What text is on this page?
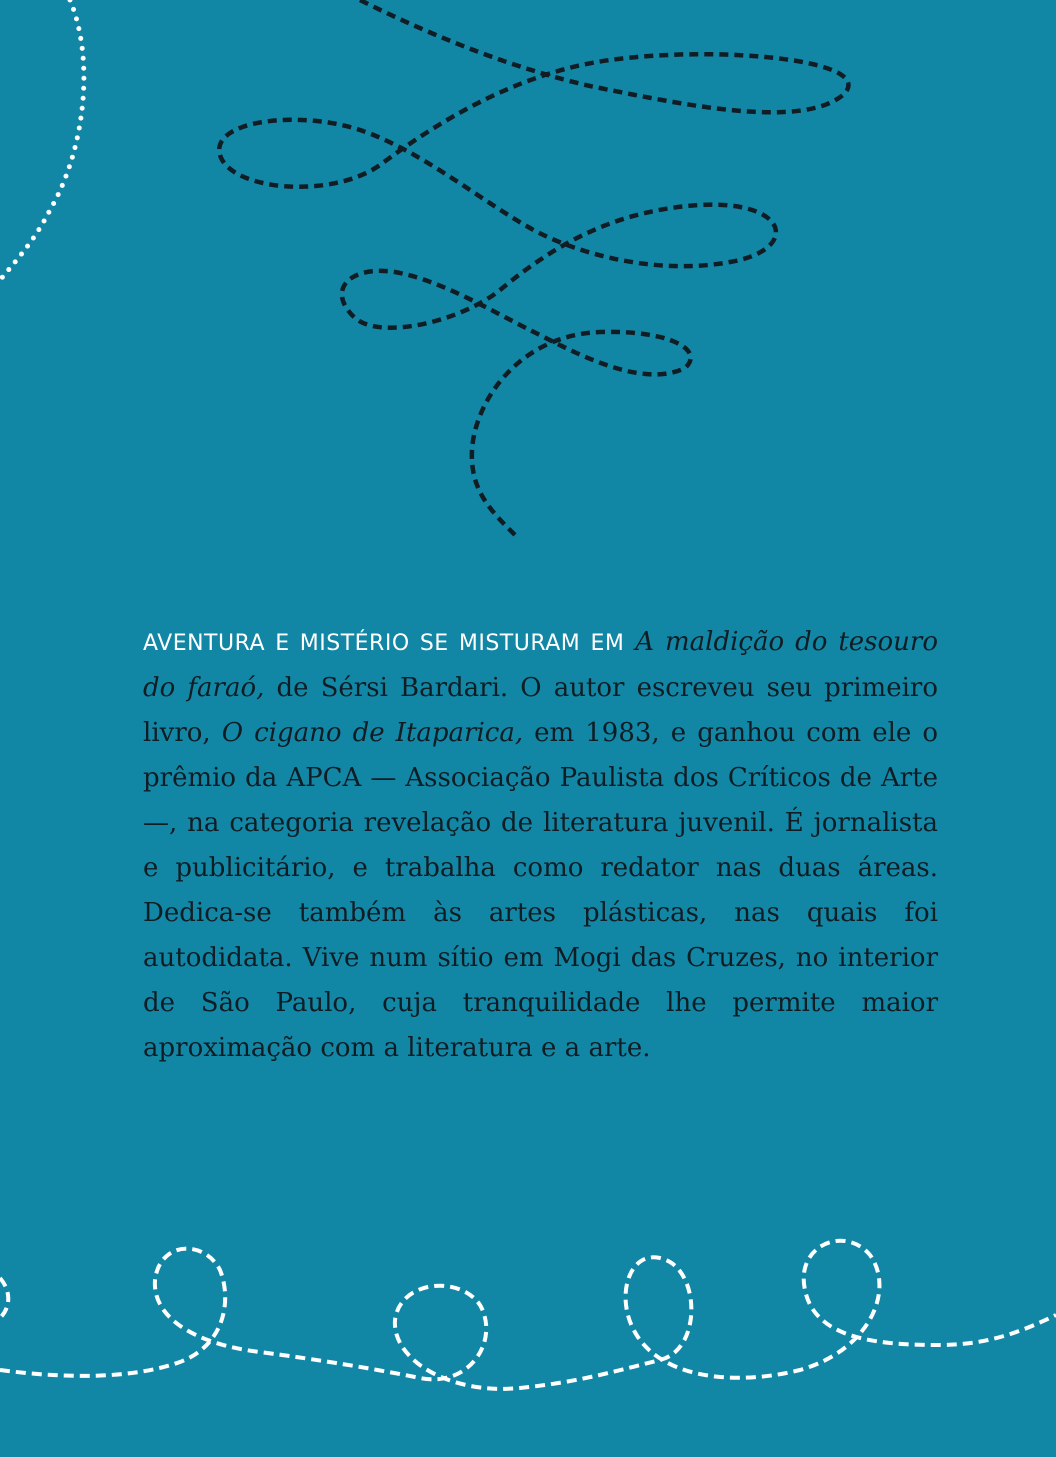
AVENTURA E MISTÉRIO SE MISTURAM EM A maldição do tesouro do faraó, de Sérsi Bardari. O autor escreveu seu primeiro livro, O cigano de Itaparica, em 1983, e ganhou com ele o prêmio da APCA — Associação Paulista dos Críticos de Arte —, na categoria revelação de literatura juvenil. É jornalista e publicitário, e trabalha como redator nas duas áreas. Dedica-se também às artes plásticas, nas quais foi autodidata. Vive num sítio em Mogi das Cruzes, no interior de São Paulo, cuja tranquilidade lhe permite maior aproximação com a literatura e a arte.
